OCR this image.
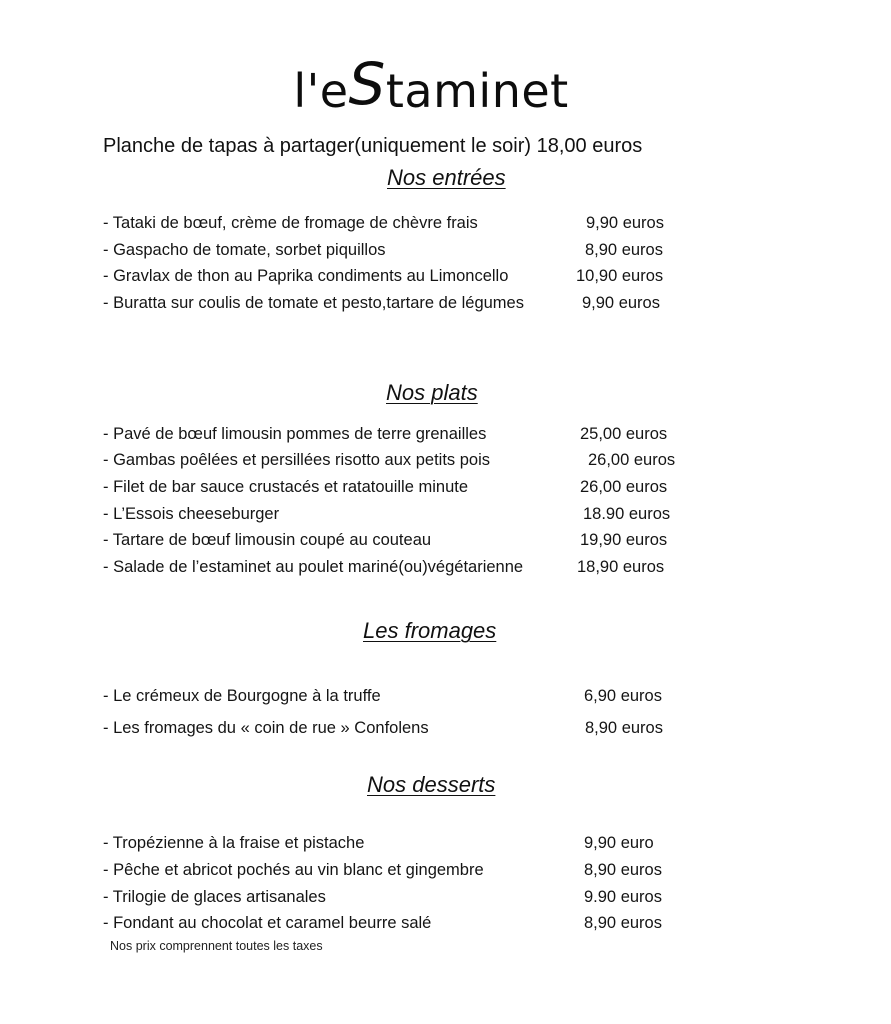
l'eStaminet
Planche de tapas à partager(uniquement le soir) 18,00 euros
Nos entrées
- Tataki de bœuf, crème de fromage de chèvre frais	9,90 euros
- Gaspacho de tomate, sorbet piquillos	8,90 euros
- Gravlax de thon au Paprika condiments au Limoncello	10,90 euros
- Buratta sur coulis de tomate et pesto,tartare de légumes	9,90 euros
Nos plats
- Pavé de bœuf limousin pommes de terre grenailles	25,00 euros
- Gambas poêlées et persillées risotto aux petits pois	26,00 euros
- Filet de bar sauce crustacés et ratatouille minute	26,00 euros
- L’Essois cheeseburger	18.90 euros
- Tartare de bœuf limousin coupé au couteau	19,90 euros
- Salade de l’estaminet au poulet mariné(ou)végétarienne	18,90 euros
Les fromages
- Le crémeux de Bourgogne à la truffe	6,90 euros
- Les fromages du « coin de rue » Confolens	8,90 euros
Nos desserts
- Tropézienne à la fraise et pistache	9,90 euro
- Pêche et abricot pochés au vin blanc et gingembre	8,90 euros
- Trilogie de glaces artisanales	9.90 euros
- Fondant au chocolat et caramel beurre salé	8,90 euros
Nos prix comprennent toutes les taxes
